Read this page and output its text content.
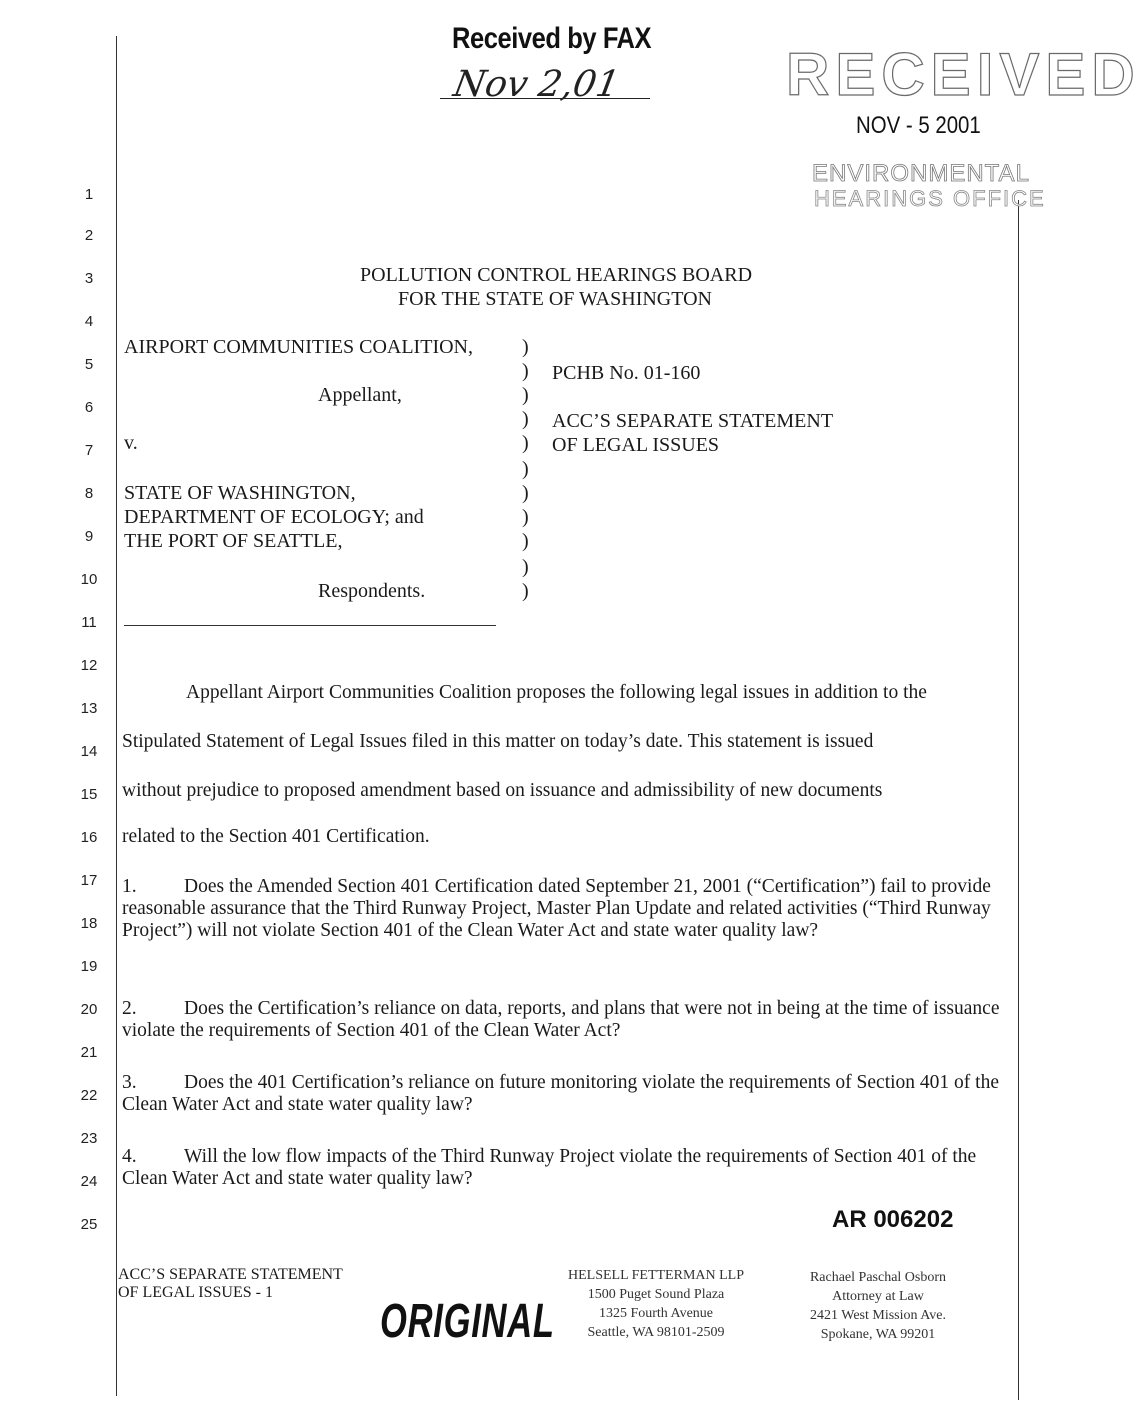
Received by FAX
Nov 2,01	RECEIVED
NOV - 5 2001
ENVIRONMENTAL
HEARINGS OFFICE
1
2
3
4
5
6
7
8
9
10
11
12
13
14
15
16
17
18
19
20
21
22
23
24
25
POLLUTION CONTROL HEARINGS BOARD
FOR THE STATE OF WASHINGTON
AIRPORT COMMUNITIES COALITION,
Appellant,
v.
STATE OF WASHINGTON,
DEPARTMENT OF ECOLOGY; and
THE PORT OF SEATTLE,
Respondents.
)
)
)
)
)
)
)
)
)
)
)
PCHB No. 01-160
ACC’S SEPARATE STATEMENT
OF LEGAL ISSUES
Appellant Airport Communities Coalition proposes the following legal issues in addition to the
Stipulated Statement of Legal Issues filed in this matter on today’s date. This statement is issued
without prejudice to proposed amendment based on issuance and admissibility of new documents
related to the Section 401 Certification.
1.	Does the Amended Section 401 Certification dated September 21, 2001 (“Certification”) fail to provide reasonable assurance that the Third Runway Project, Master Plan Update and related activities (“Third Runway Project”) will not violate Section 401 of the Clean Water Act and state water quality law?
2.	Does the Certification’s reliance on data, reports, and plans that were not in being at the time of issuance violate the requirements of Section 401 of the Clean Water Act?
3.	Does the 401 Certification’s reliance on future monitoring violate the requirements of Section 401 of the Clean Water Act and state water quality law?
4.	Will the low flow impacts of the Third Runway Project violate the requirements of Section 401 of the Clean Water Act and state water quality law?
AR 006202
ACC’S SEPARATE STATEMENT
OF LEGAL ISSUES - 1
ORIGINAL
HELSELL FETTERMAN LLP
1500 Puget Sound Plaza
1325 Fourth Avenue
Seattle, WA 98101-2509
Rachael Paschal Osborn
Attorney at Law
2421 West Mission Ave.
Spokane, WA 99201
